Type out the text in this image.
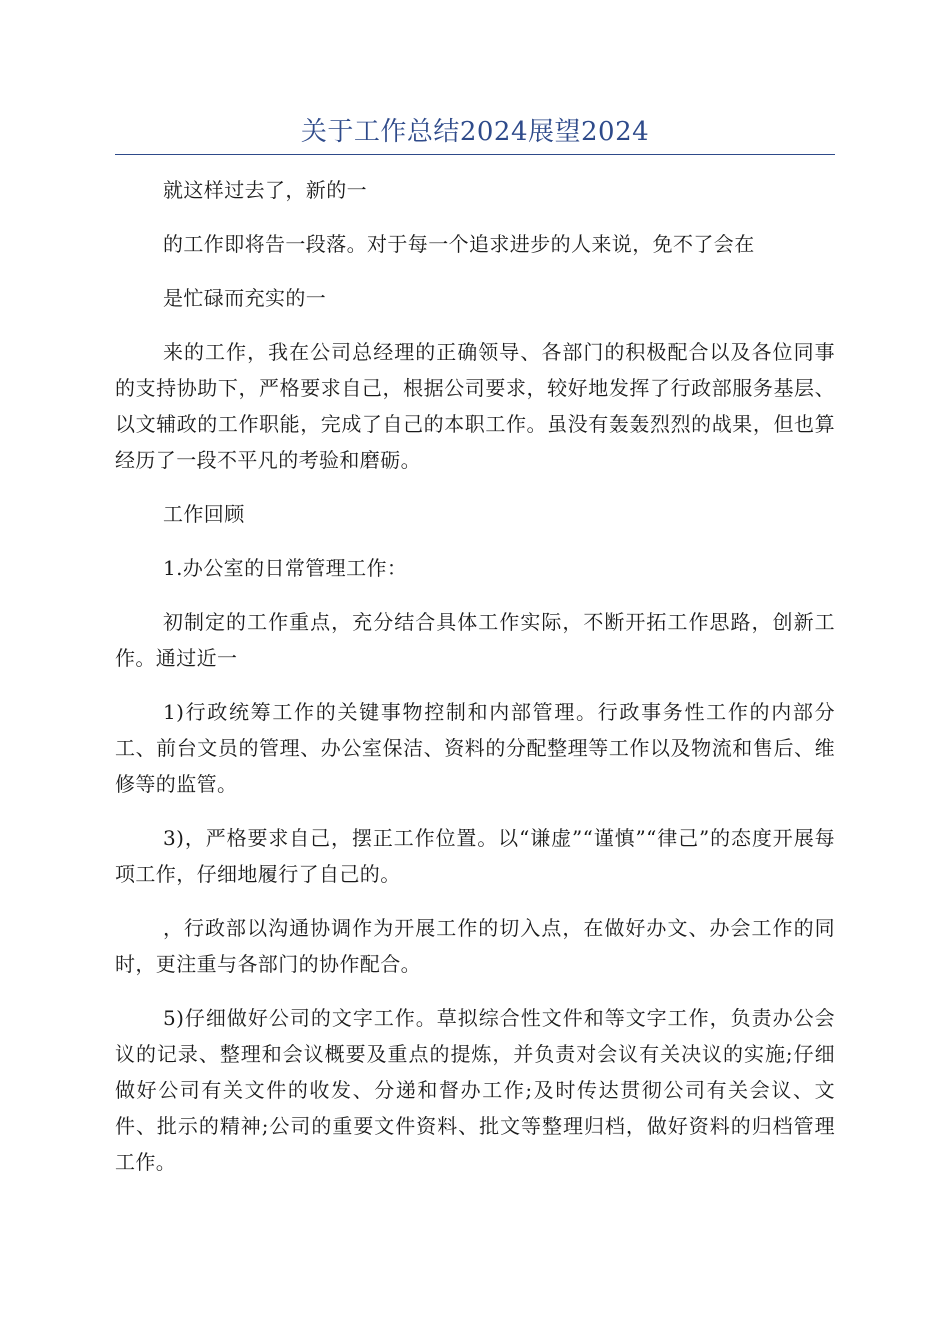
关于工作总结2024展望2024

就这样过去了，新的一

的工作即将告一段落。对于每一个追求进步的人来说，免不了会在

是忙碌而充实的一

来的工作，我在公司总经理的正确领导、各部门的积极配合以及各位同事的支持协助下，严格要求自己，根据公司要求，较好地发挥了行政部服务基层、以文辅政的工作职能，完成了自己的本职工作。虽没有轰轰烈烈的战果，但也算经历了一段不平凡的考验和磨砺。

工作回顾

1.办公室的日常管理工作：

初制定的工作重点，充分结合具体工作实际，不断开拓工作思路，创新工作。通过近一

1)行政统筹工作的关键事物控制和内部管理。行政事务性工作的内部分工、前台文员的管理、办公室保洁、资料的分配整理等工作以及物流和售后、维修等的监管。

3)，严格要求自己，摆正工作位置。以“谦虚”“谨慎”“律己”的态度开展每项工作，仔细地履行了自己的。

，行政部以沟通协调作为开展工作的切入点，在做好办文、办会工作的同时，更注重与各部门的协作配合。

5)仔细做好公司的文字工作。草拟综合性文件和等文字工作，负责办公会议的记录、整理和会议概要及重点的提炼，并负责对会议有关决议的实施;仔细做好公司有关文件的收发、分递和督办工作;及时传达贯彻公司有关会议、文件、批示的精神;公司的重要文件资料、批文等整理归档，做好资料的归档管理工作。
